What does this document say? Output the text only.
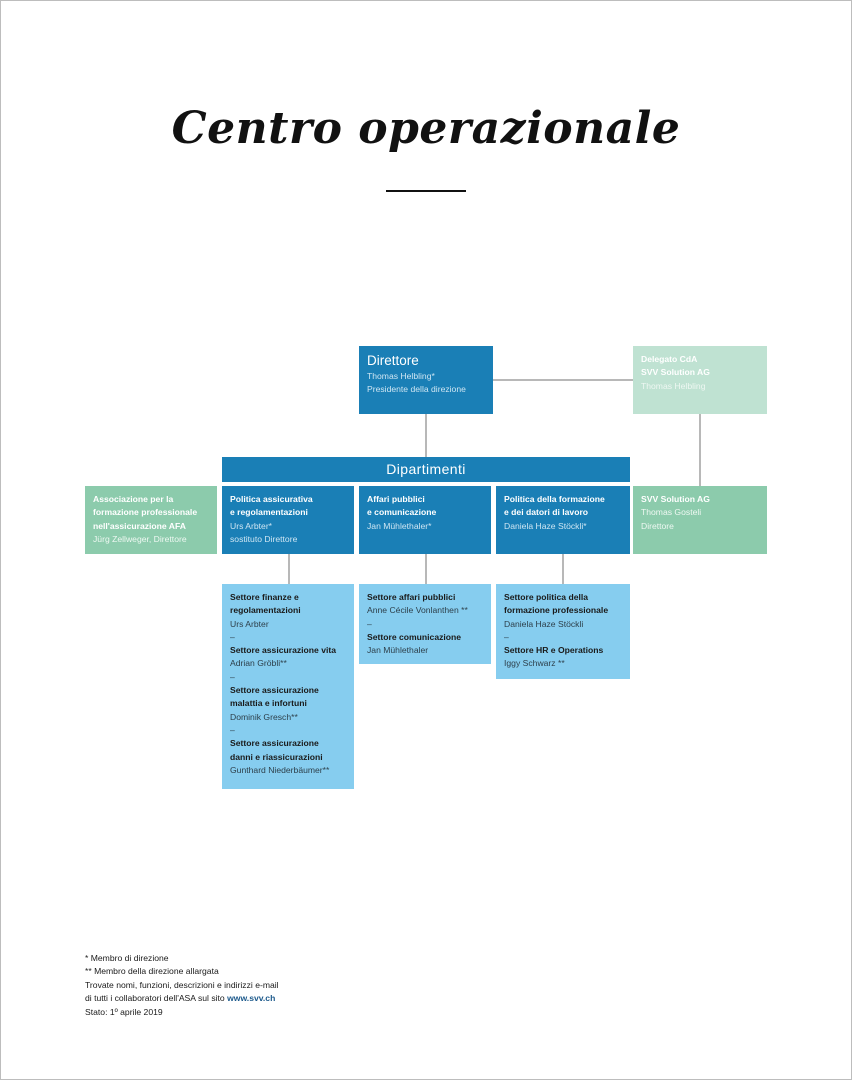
Centro operazionale
Direttore
Thomas Helbling*
Presidente della direzione
Delegato CdA
SVV Solution AG
Thomas Helbling
Dipartimenti
Associazione per la
formazione professionale
nell'assicurazione AFA
Jürg Zellweger, Direttore
Politica assicurativa
e regolamentazioni
Urs Arbter*
sostituto Direttore
Affari pubblici
e comunicazione
Jan Mühlethaler*
Politica della formazione
e dei datori di lavoro
Daniela Haze Stöckli*
SVV Solution AG
Thomas Gosteli
Direttore
Settore finanze e
regolamentazioni
Urs Arbter
–
Settore assicurazione vita
Adrian Gröbli**
–
Settore assicurazione
malattia e infortuni
Dominik Gresch**
–
Settore assicurazione
danni e riassicurazioni
Gunthard Niederbäumer**
Settore affari pubblici
Anne Cécile Vonlanthen **
–
Settore comunicazione
Jan Mühlethaler
Settore politica della
formazione professionale
Daniela Haze Stöckli
–
Settore HR e Operations
Iggy Schwarz **
* Membro di direzione
** Membro della direzione allargata
Trovate nomi, funzioni, descrizioni e indirizzi e-mail
di tutti i collaboratori dell'ASA sul sito www.svv.ch
Stato: 1º aprile 2019
